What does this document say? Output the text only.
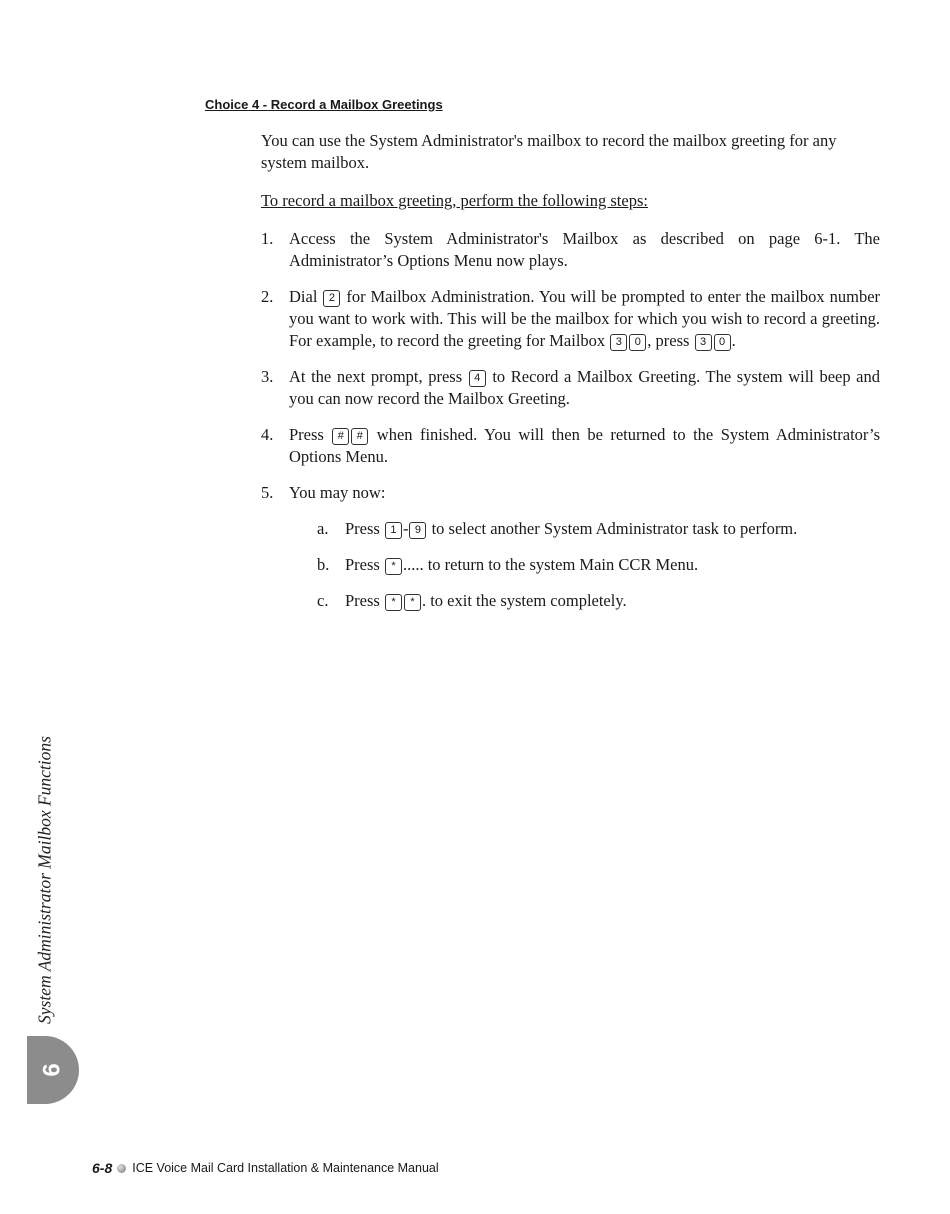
Choice 4 - Record a Mailbox Greetings

You can use the System Administrator's mailbox to record the mailbox greeting for any system mailbox.

To record a mailbox greeting, perform the following steps:

1. Access the System Administrator's Mailbox as described on page 6-1. The Administrator’s Options Menu now plays.
2. Dial 2 for Mailbox Administration. You will be prompted to enter the mailbox number you want to work with. This will be the mailbox for which you wish to record a greeting. For example, to record the greeting for Mailbox 3 0 , press 3 0 .
3. At the next prompt, press 4 to Record a Mailbox Greeting. The system will beep and you can now record the Mailbox Greeting.
4. Press # # when finished. You will then be returned to the System Administrator’s Options Menu.
5. You may now:
a. Press 1 - 9 to select another System Administrator task to perform.
b. Press * ..... to return to the system Main CCR Menu.
c. Press * * . to exit the system completely.
System Administrator Mailbox Functions
6
6-8 ICE Voice Mail Card Installation & Maintenance Manual
